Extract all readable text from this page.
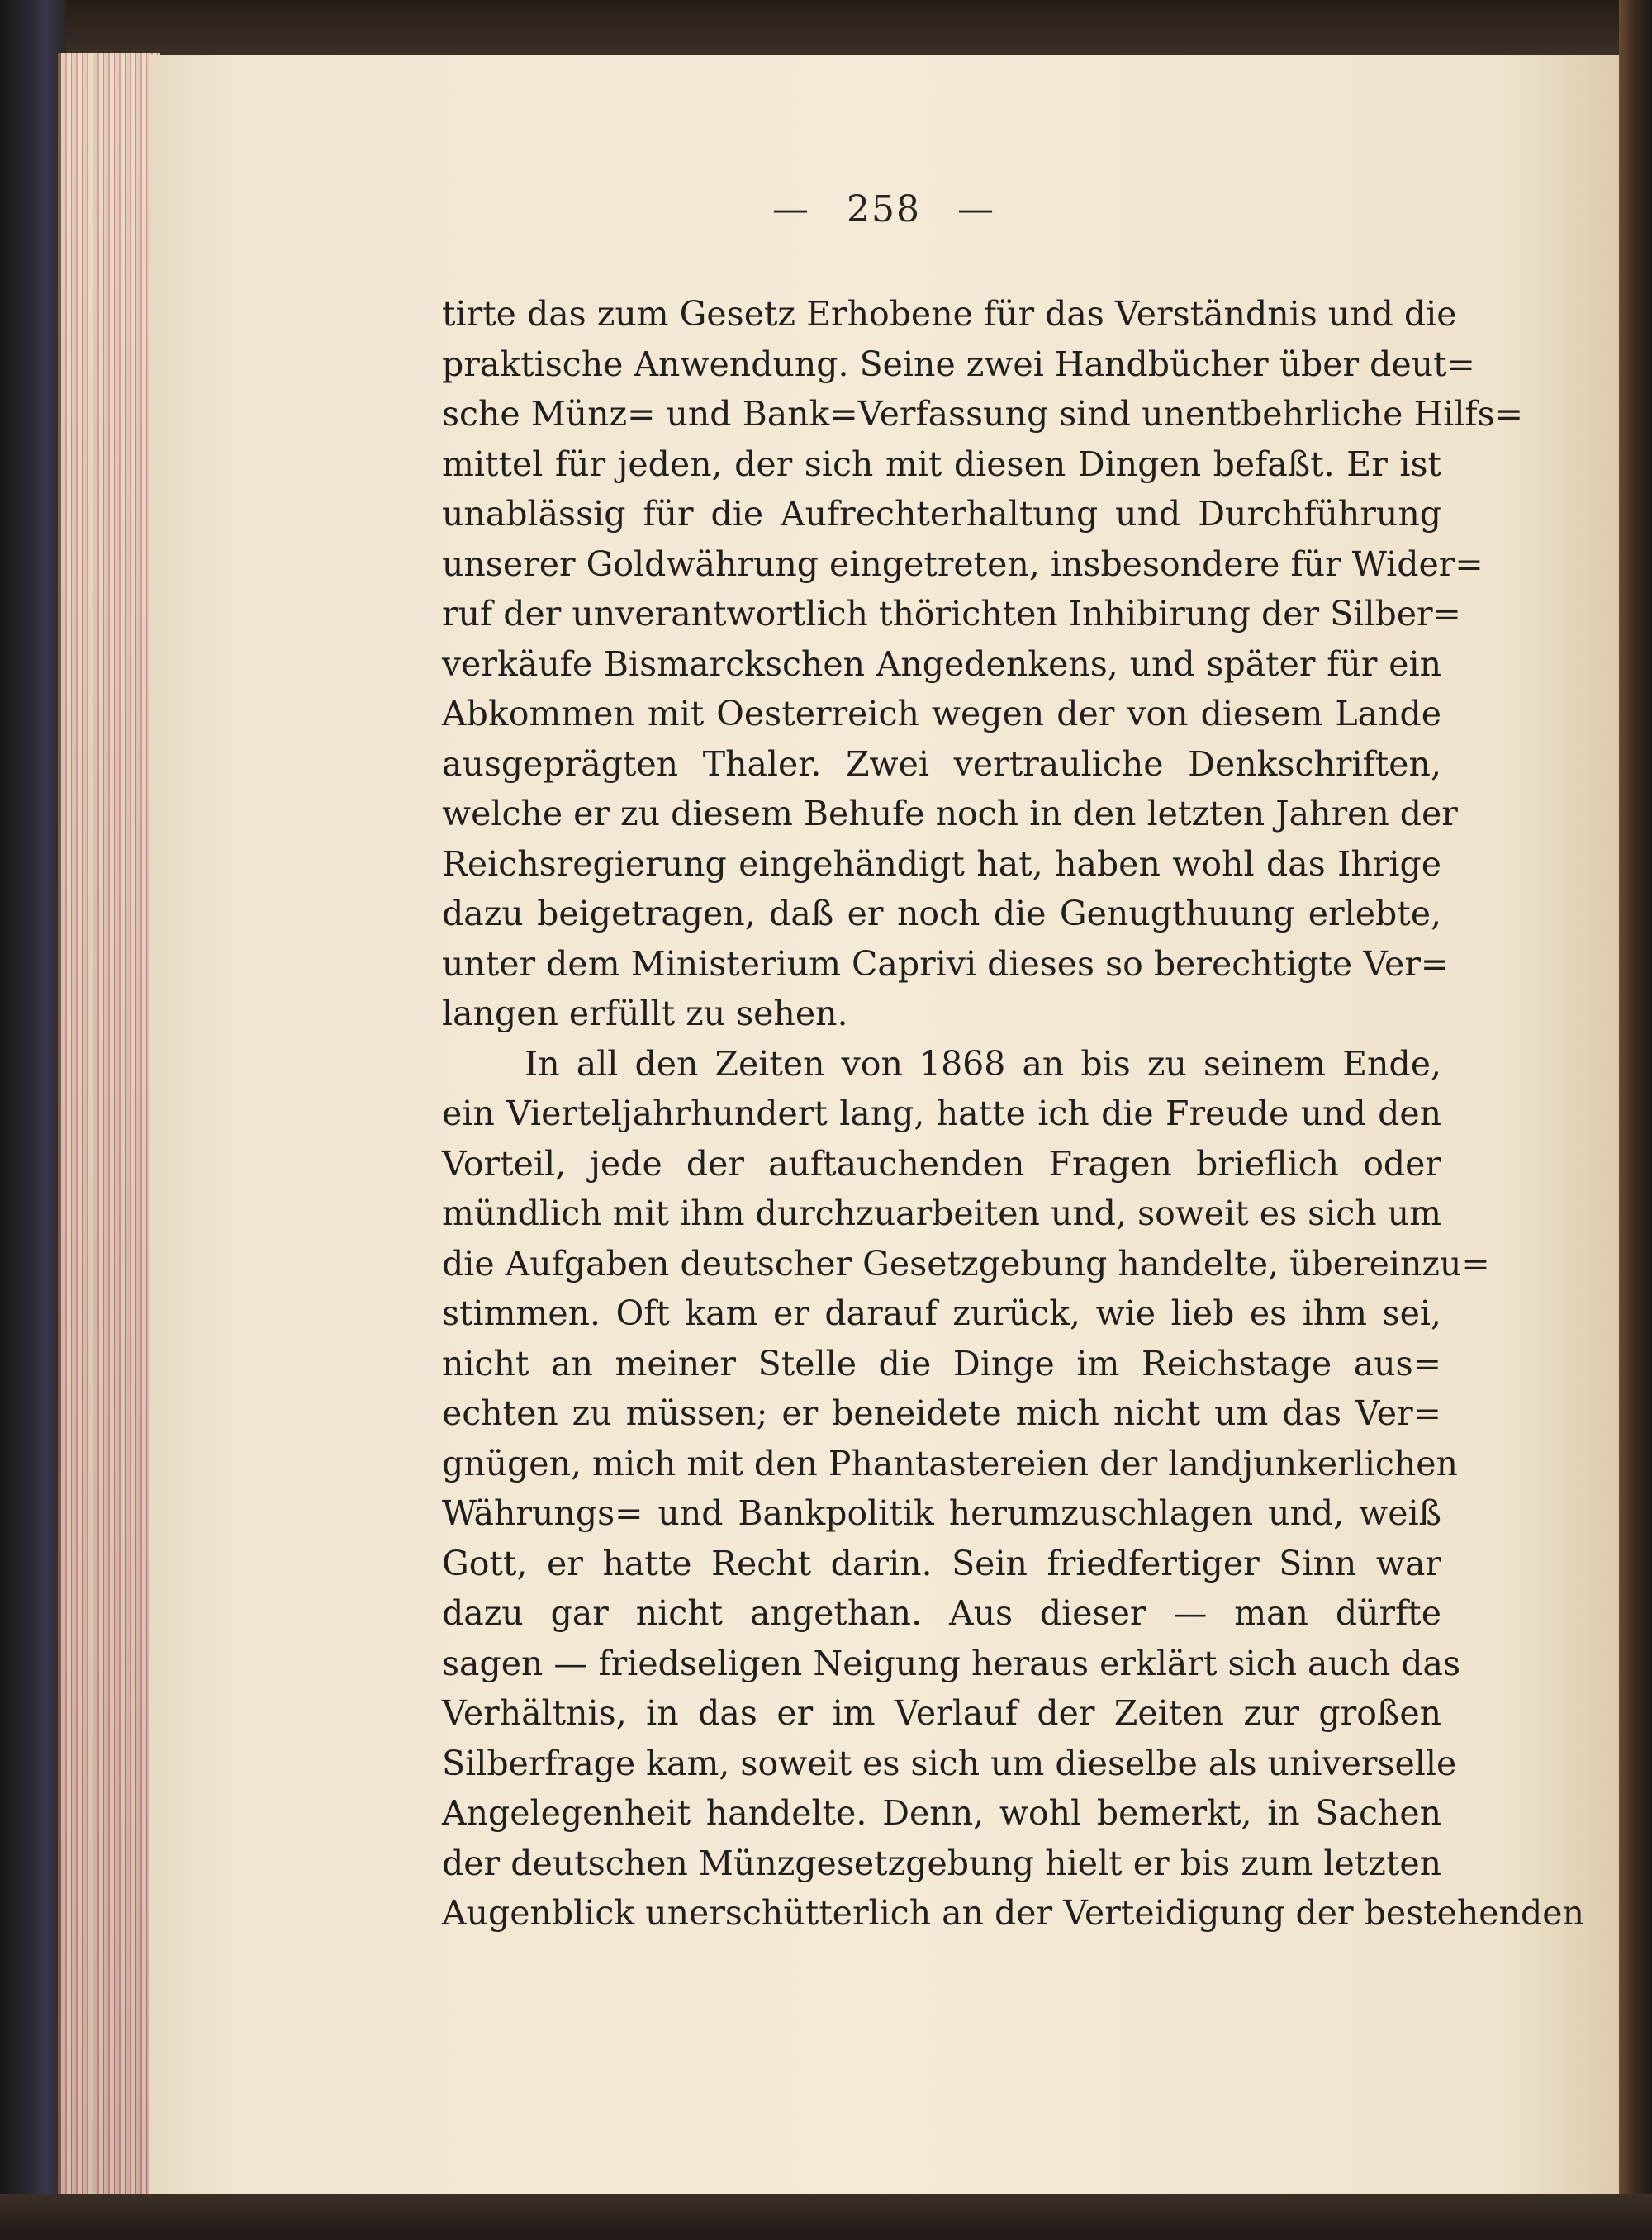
— 258 —
tirte das zum Gesetz Erhobene für das Verständnis und die
praktische Anwendung. Seine zwei Handbücher über deut=
sche Münz= und Bank=Verfassung sind unentbehrliche Hilfs=
mittel für jeden, der sich mit diesen Dingen befaßt. Er ist
unablässig für die Aufrechterhaltung und Durchführung
unserer Goldwährung eingetreten, insbesondere für Wider=
ruf der unverantwortlich thörichten Inhibirung der Silber=
verkäufe Bismarckschen Angedenkens, und später für ein
Abkommen mit Oesterreich wegen der von diesem Lande
ausgeprägten Thaler. Zwei vertrauliche Denkschriften,
welche er zu diesem Behufe noch in den letzten Jahren der
Reichsregierung eingehändigt hat, haben wohl das Ihrige
dazu beigetragen, daß er noch die Genugthuung erlebte,
unter dem Ministerium Caprivi dieses so berechtigte Ver=
langen erfüllt zu sehen.
In all den Zeiten von 1868 an bis zu seinem Ende,
ein Vierteljahrhundert lang, hatte ich die Freude und den
Vorteil, jede der auftauchenden Fragen brieflich oder
mündlich mit ihm durchzuarbeiten und, soweit es sich um
die Aufgaben deutscher Gesetzgebung handelte, übereinzu=
stimmen. Oft kam er darauf zurück, wie lieb es ihm sei,
nicht an meiner Stelle die Dinge im Reichstage aus=
echten zu müssen; er beneidete mich nicht um das Ver=
gnügen, mich mit den Phantastereien der landjunkerlichen
Währungs= und Bankpolitik herumzuschlagen und, weiß
Gott, er hatte Recht darin. Sein friedfertiger Sinn war
dazu gar nicht angethan. Aus dieser — man dürfte
sagen — friedseligen Neigung heraus erklärt sich auch das
Verhältnis, in das er im Verlauf der Zeiten zur großen
Silberfrage kam, soweit es sich um dieselbe als universelle
Angelegenheit handelte. Denn, wohl bemerkt, in Sachen
der deutschen Münzgesetzgebung hielt er bis zum letzten
Augenblick unerschütterlich an der Verteidigung der bestehenden
